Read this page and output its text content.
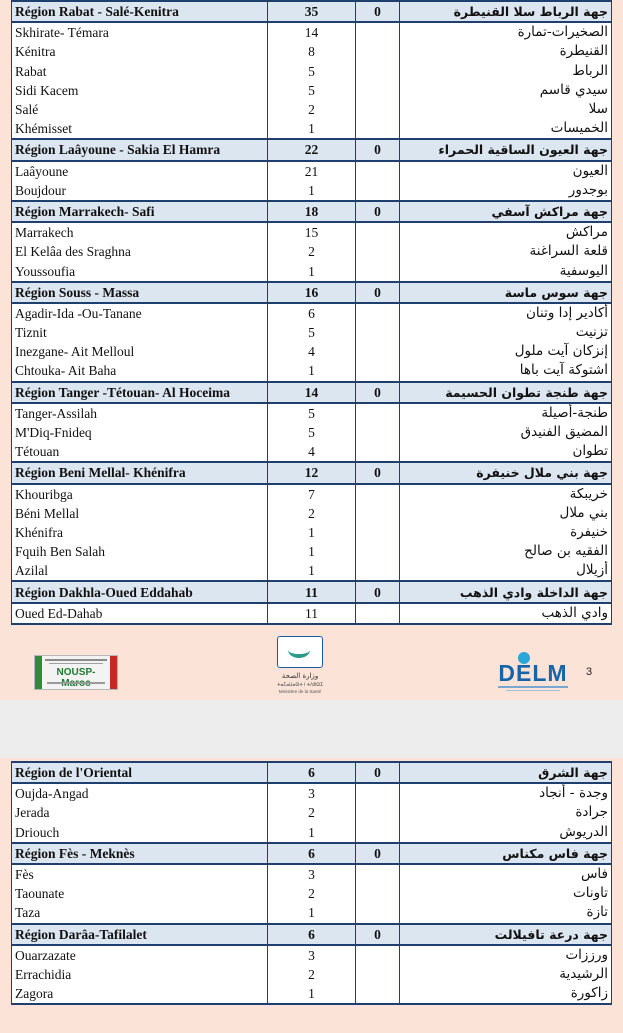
Région Rabat - Salé-Kenitra	35	0	جهة الرباط سلا القنيطرة
Skhirate- Témara	14		الصخيرات-تمارة
Kénitra	8		القنيطرة
Rabat	5		الرباط
Sidi Kacem	5		سيدي قاسم
Salé	2		سلا
Khémisset	1		الخميسات
Région Laâyoune - Sakia El Hamra	22	0	جهة العيون الساقية الحمراء
Laâyoune	21		العيون
Boujdour	1		بوجدور
Région Marrakech- Safi	18	0	جهة مراكش آسفي
Marrakech	15		مراكش
El Kelâa des Sraghna	2		قلعة السراغنة
Youssoufia	1		اليوسفية
Région Souss - Massa	16	0	جهة سوس ماسة
Agadir-Ida -Ou-Tanane	6		أكادير إدا وتنان
Tiznit	5		تزنيت
Inezgane- Ait Melloul	4		إنزكان آيت ملول
Chtouka- Ait Baha	1		اشتوكة آيت باها
Région Tanger -Tétouan- Al Hoceima	14	0	جهة طنجة تطوان الحسيمة
Tanger-Assilah	5		طنجة-أصيلة
M'Diq-Fnideq	5		المضيق الفنيدق
Tétouan	4		تطوان
Région Beni Mellal- Khénifra	12	0	جهة بني ملال خنيفرة
Khouribga	7		خريبكة
Béni Mellal	2		بني ملال
Khénifra	1		خنيفرة
Fquih Ben Salah	1		الفقيه بن صالح
Azilal	1		أزيلال
Région Dakhla-Oued Eddahab	11	0	جهة الداخلة وادي الذهب
Oued Ed-Dahab	11		وادي الذهب
NOUSP-	وزارة الصحة
ⵜⴰⵎⴰⵡⴰⵙⵜ ⵏ ⵜⴷⵓⵙⵉ
Ministère de la Santé
DELM 3
Région de l'Oriental	6	0	جهة الشرق
Oujda-Angad	3		وجدة - أنجاد
Jerada	2		جرادة
Driouch	1		الدريوش
Région Fès - Meknès	6	0	جهة فاس مكناس
Fès	3		فاس
Taounate	2		تاونات
Taza	1		تازة
Région Darâa-Tafilalet	6	0	جهة درعة تافيلالت
Ouarzazate	3		ورززات
Errachidia	2		الرشيدية
Zagora	1		زاكورة
